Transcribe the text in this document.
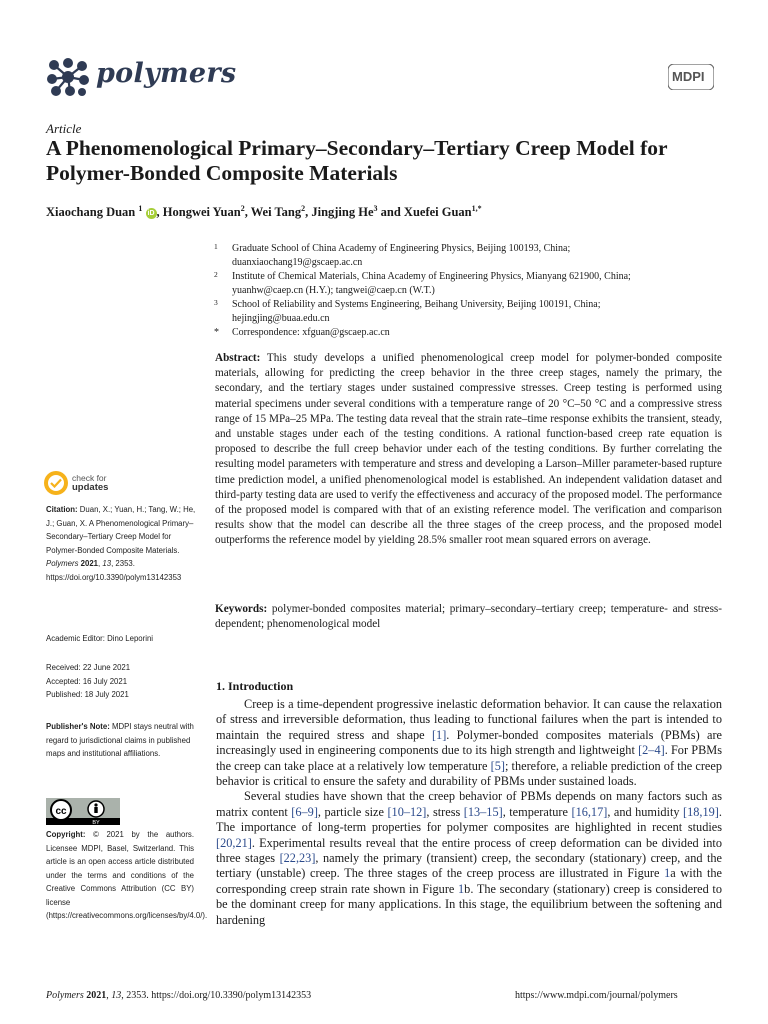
polymers	MDPI
Article
A Phenomenological Primary–Secondary–Tertiary Creep Model for Polymer-Bonded Composite Materials
Xiaochang Duan $^1$ iD , Hongwei Yuan$^2$, Wei Tang$^2$, Jingjing He$^3$ and Xuefei Guan$^{1,*}$
1 Graduate School of China Academy of Engineering Physics, Beijing 100193, China;
duanxiaochang19@gscaep.ac.cn
2 Institute of Chemical Materials, China Academy of Engineering Physics, Mianyang 621900, China;
yuanhw@caep.cn (H.Y.); tangwei@caep.cn (W.T.)
3 School of Reliability and Systems Engineering, Beihang University, Beijing 100191, China;
hejingjing@buaa.edu.cn
* Correspondence: xfguan@gscaep.ac.cn
Abstract: This study develops a unified phenomenological creep model for polymer-bonded composite materials, allowing for predicting the creep behavior in the three creep stages, namely the primary, the secondary, and the tertiary stages under sustained compressive stresses. Creep testing is performed using material specimens under several conditions with a temperature range of 20 °C–50 °C and a compressive stress range of 15 MPa–25 MPa. The testing data reveal that the strain rate–time response exhibits the transient, steady, and unstable stages under each of the testing conditions. A rational function-based creep rate equation is proposed to describe the full creep behavior under each of the testing conditions. By further correlating the resulting model parameters with temperature and stress and developing a Larson–Miller parameter-based rupture time prediction model, a unified phenomenological model is established. An independent validation dataset and third-party testing data are used to verify the effectiveness and accuracy of the proposed model. The performance of the proposed model is compared with that of an existing reference model. The verification and comparison results show that the model can describe all the three stages of the creep process, and the proposed model outperforms the reference model by yielding 28.5% smaller root mean squared errors on average.
Keywords: polymer-bonded composites material; primary–secondary–tertiary creep; temperature- and stress-dependent; phenomenological model
check for
updates
Citation: Duan, X.; Yuan, H.; Tang, W.; He, J.; Guan, X. A Phenomenological Primary–Secondary–Tertiary Creep Model for Polymer-Bonded Composite Materials. Polymers 2021, 13, 2353. https://doi.org/10.3390/polym13142353
Academic Editor: Dino Leporini
Received: 22 June 2021
Accepted: 16 July 2021
Published: 18 July 2021
Publisher's Note: MDPI stays neutral with regard to jurisdictional claims in published maps and institutional affiliations.
cc
BY
Copyright: © 2021 by the authors. Licensee MDPI, Basel, Switzerland. This article is an open access article distributed under the terms and conditions of the Creative Commons Attribution (CC BY) license (https://creativecommons.org/licenses/by/4.0/).
1. Introduction

Creep is a time-dependent progressive inelastic deformation behavior. It can cause the relaxation of stress and irreversible deformation, thus leading to functional failures when the part is intended to maintain the required stress and shape [1]. Polymer-bonded composites materials (PBMs) are increasingly used in engineering components due to its high strength and lightweight [2–4]. For PBMs the creep can take place at a relatively low temperature [5]; therefore, a reliable prediction of the creep behavior is critical to ensure the safety and durability of PBMs under sustained loads.

Several studies have shown that the creep behavior of PBMs depends on many factors such as matrix content [6–9], particle size [10–12], stress [13–15], temperature [16,17], and humidity [18,19]. The importance of long-term properties for polymer composites are highlighted in recent studies [20,21]. Experimental results reveal that the entire process of creep deformation can be divided into three stages [22,23], namely the primary (transient) creep, the secondary (stationary) creep, and the tertiary (unstable) creep. The three stages of the creep process are illustrated in Figure 1a with the corresponding creep strain rate shown in Figure 1b. The secondary (stationary) creep is considered to be the dominant creep for many applications. In this stage, the equilibrium between the softening and hardening

Polymers 2021, 13, 2353. https://doi.org/10.3390/polym13142353	https://www.mdpi.com/journal/polymers
